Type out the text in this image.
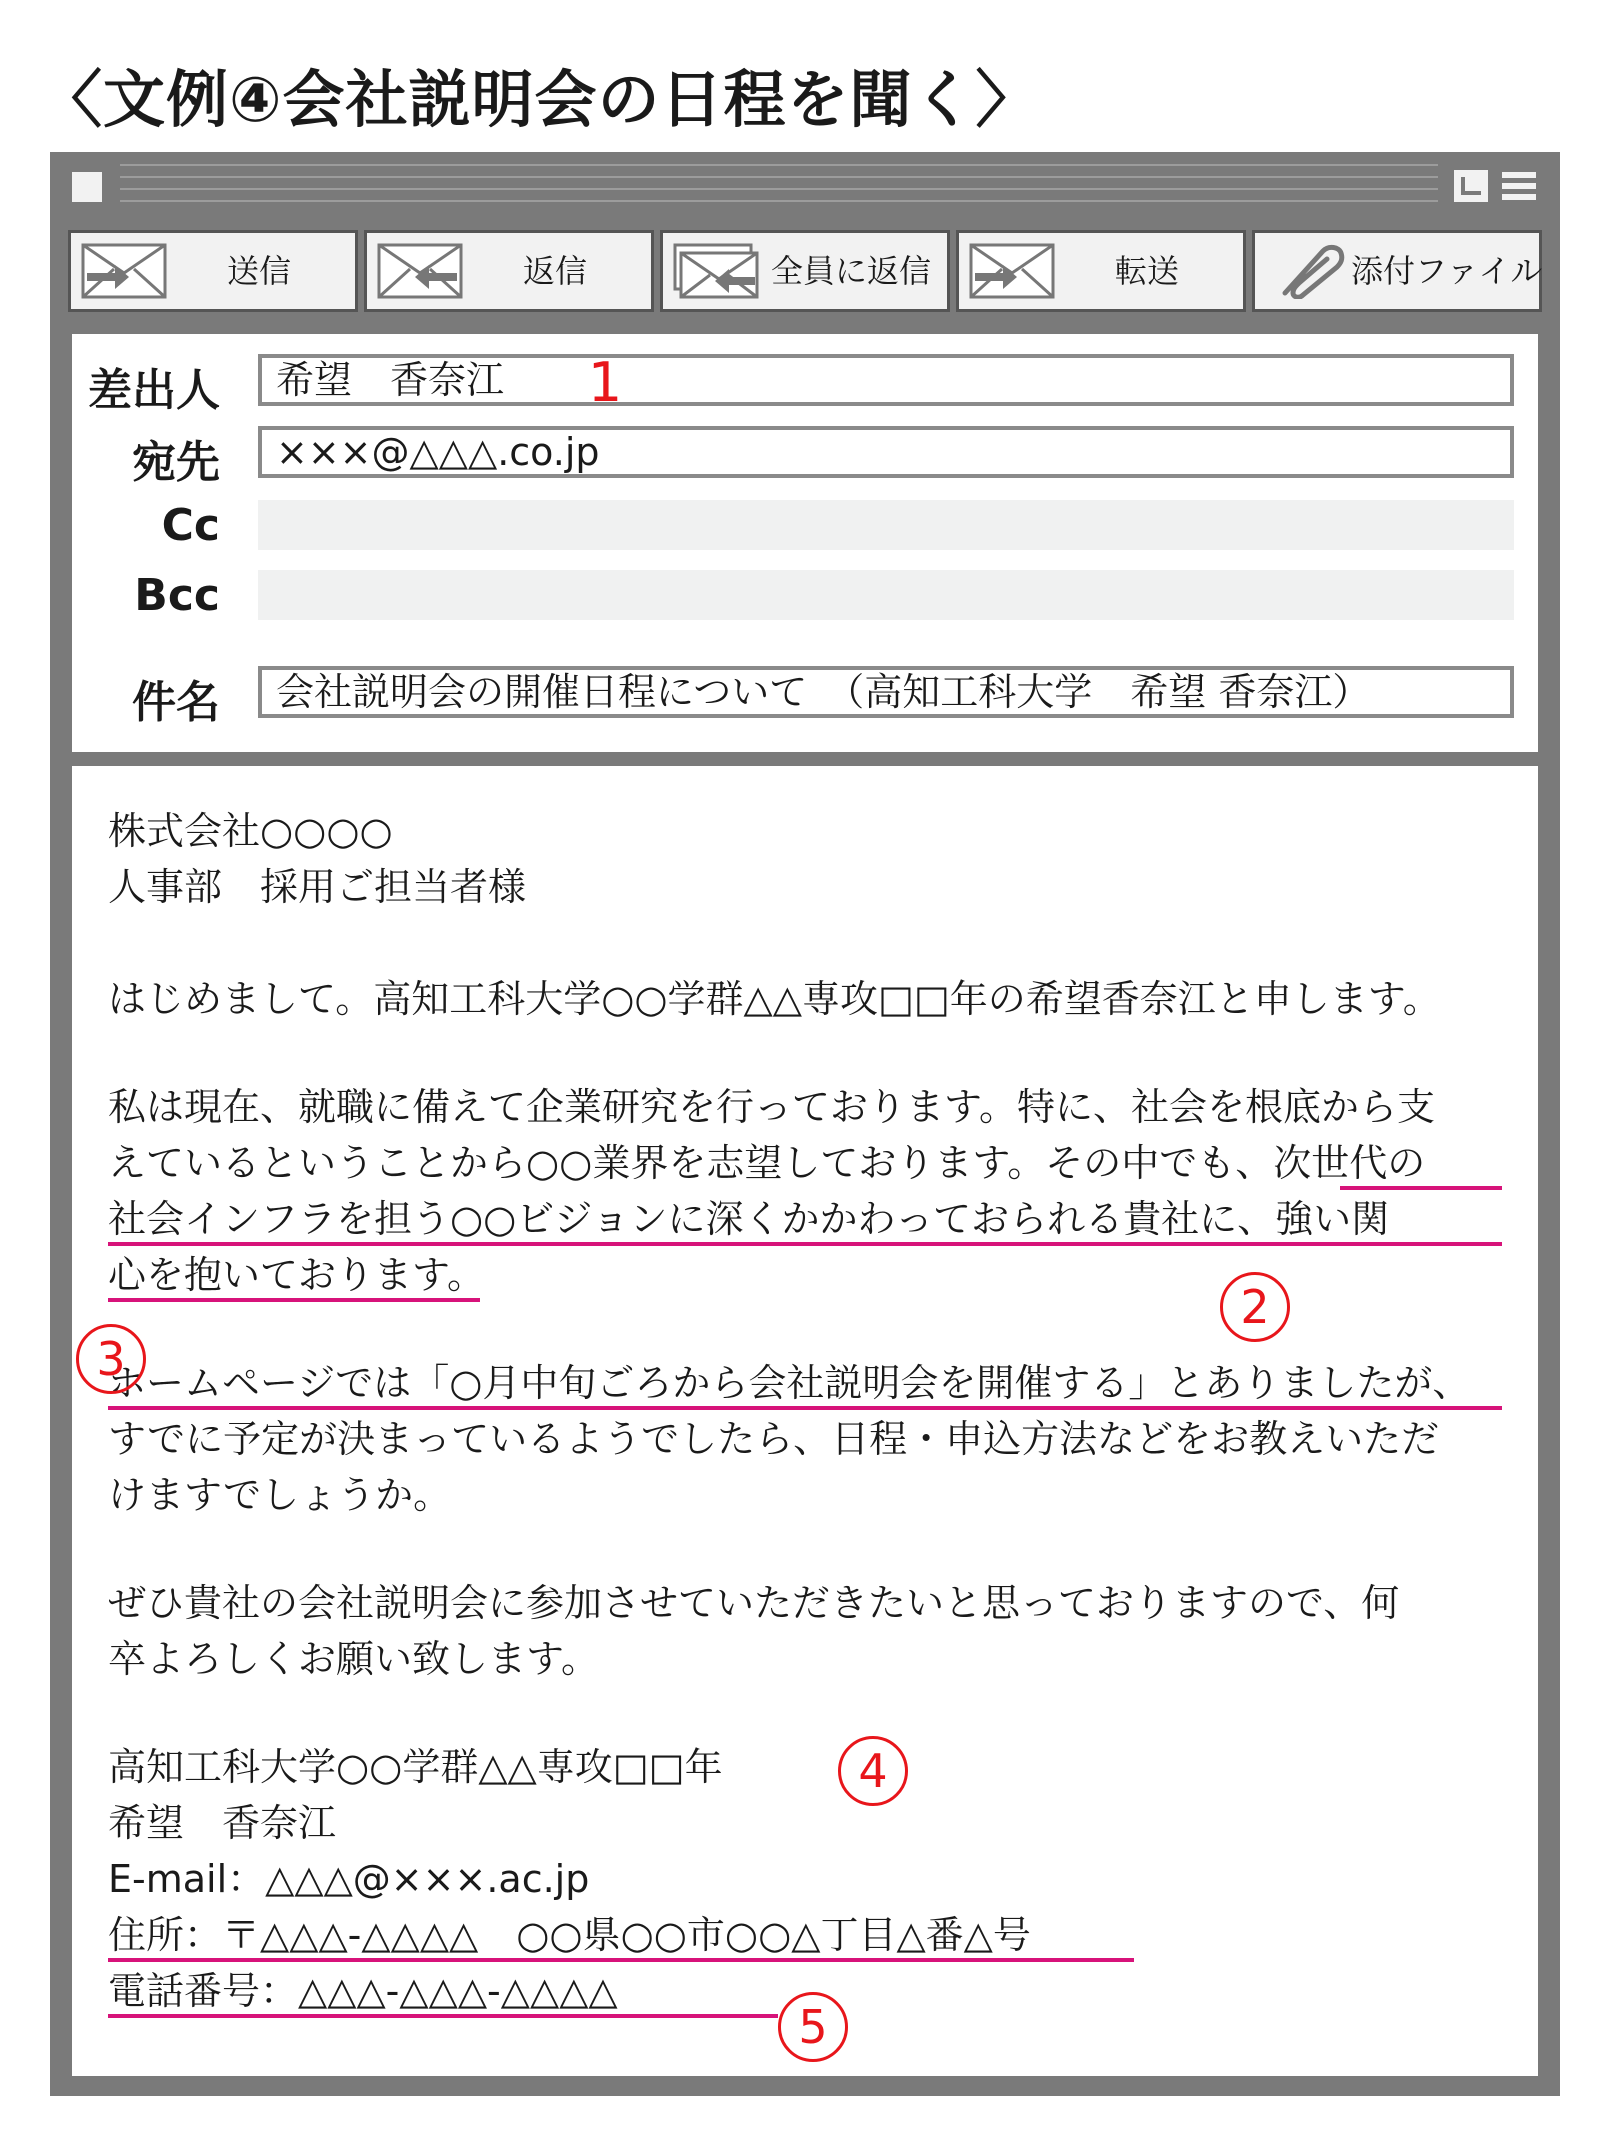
〈文例④会社説明会の日程を聞く〉
送信	返信	全員に返信	転送	添付ファイル
差出人	希望　香奈江
宛先	×××@△△△.co.jp
Cc
Bcc
件名	会社説明会の開催日程について　（高知工科大学　希望 香奈江）
1
株式会社○○○○
人事部　採用ご担当者様
はじめまして。高知工科大学○○学群△△専攻□□年の希望香奈江と申します。
私は現在、就職に備えて企業研究を行っております。特に、社会を根底から支
えているということから○○業界を志望しております。その中でも、次世代の
社会インフラを担う○○ビジョンに深くかかわっておられる貴社に、強い関
心を抱いております。
ホームページでは「○月中旬ごろから会社説明会を開催する」とありましたが、
すでに予定が決まっているようでしたら、日程・申込方法などをお教えいただ
けますでしょうか。
ぜひ貴社の会社説明会に参加させていただきたいと思っておりますので、何
卒よろしくお願い致します。
高知工科大学○○学群△△専攻□□年
希望　香奈江
E-mail：△△△@×××.ac.jp
住所：〒△△△-△△△△　○○県○○市○○△丁目△番△号
電話番号：△△△-△△△-△△△△
2
3
4
5
